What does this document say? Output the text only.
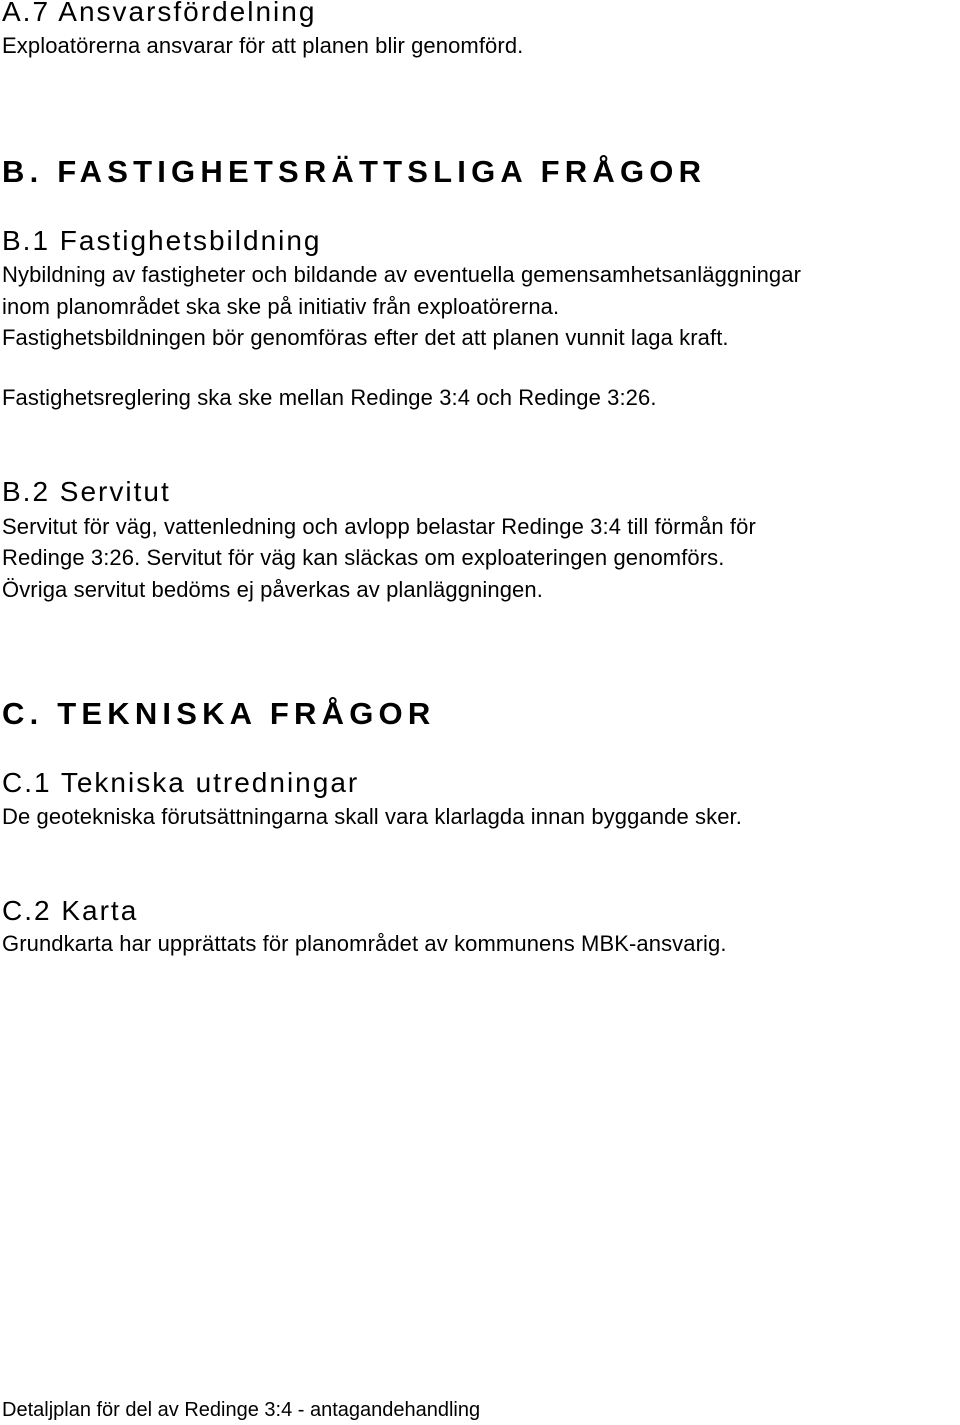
A.7 Ansvarsfördelning

Exploatörerna ansvarar för att planen blir genomförd.

B. FASTIGHETSRÄTTSLIGA FRÅGOR
B.1 Fastighetsbildning

Nybildning av fastigheter och bildande av eventuella gemensamhetsanläggningar

inom planområdet ska ske på initiativ från exploatörerna.

Fastighetsbildningen bör genomföras efter det att planen vunnit laga kraft.

Fastighetsreglering ska ske mellan Redinge 3:4 och Redinge 3:26.

B.2 Servitut

Servitut för väg, vattenledning och avlopp belastar Redinge 3:4 till förmån för

Redinge 3:26. Servitut för väg kan släckas om exploateringen genomförs.

Övriga servitut bedöms ej påverkas av planläggningen.

C. TEKNISKA FRÅGOR
C.1 Tekniska utredningar

De geotekniska förutsättningarna skall vara klarlagda innan byggande sker.

C.2 Karta

Grundkarta har upprättats för planområdet av kommunens MBK-ansvarig.

Detaljplan för del av Redinge 3:4 - antagandehandling
